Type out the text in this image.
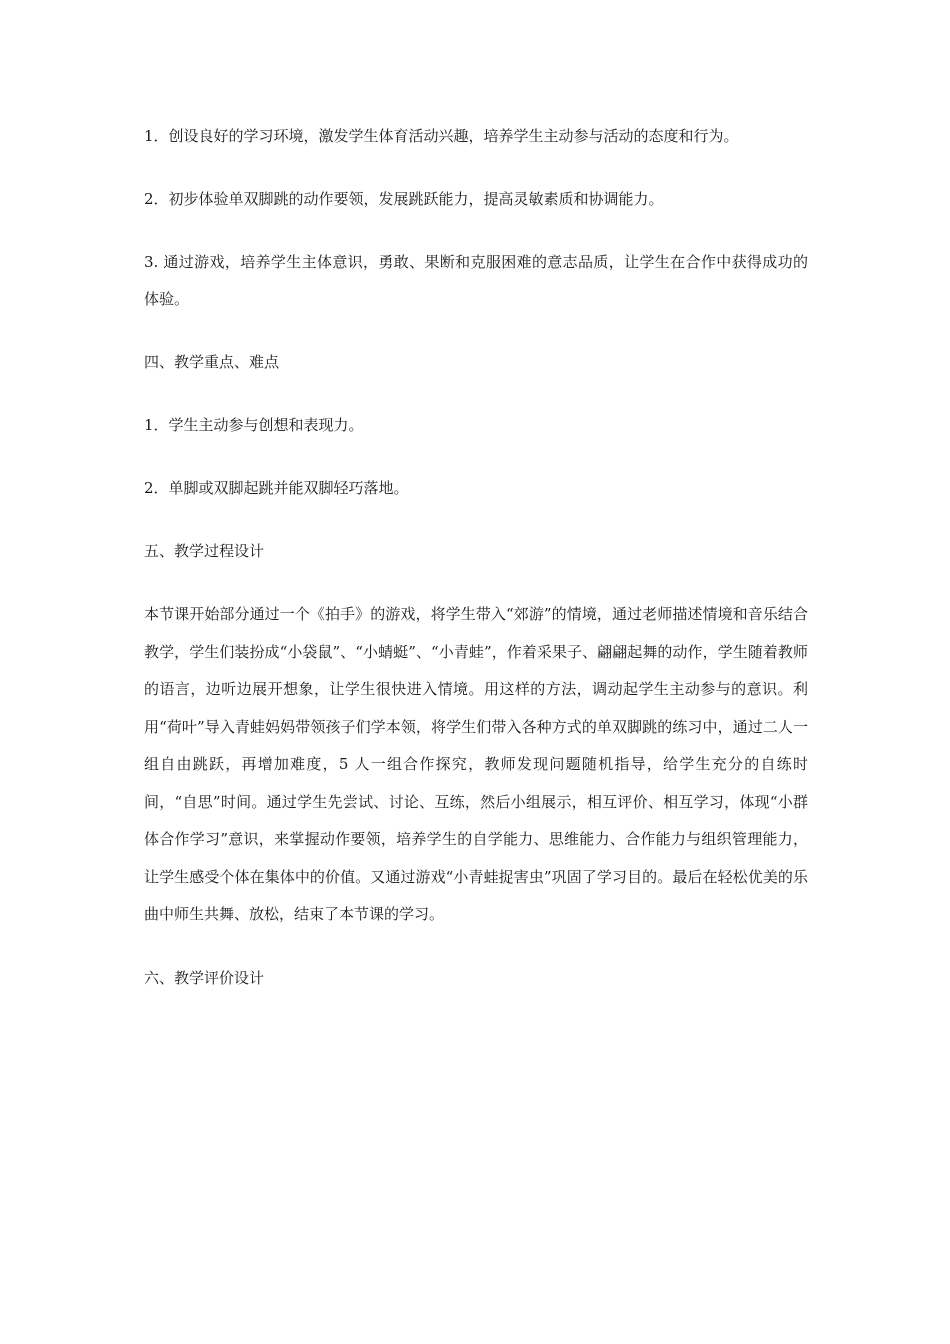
1．创设良好的学习环境，激发学生体育活动兴趣，培养学生主动参与活动的态度和行为。

2．初步体验单双脚跳的动作要领，发展跳跃能力，提高灵敏素质和协调能力。

3. 通过游戏，培养学生主体意识，勇敢、果断和克服困难的意志品质，让学生在合作中获得成功的体验。

四、教学重点、难点

1．学生主动参与创想和表现力。

2．单脚或双脚起跳并能双脚轻巧落地。

五、教学过程设计

本节课开始部分通过一个《拍手》的游戏，将学生带入“郊游”的情境，通过老师描述情境和音乐结合教学，学生们装扮成“小袋鼠”、“小蜻蜓”、“小青蛙”，作着采果子、翩翩起舞的动作，学生随着教师的语言，边听边展开想象，让学生很快进入情境。用这样的方法，调动起学生主动参与的意识。利用“荷叶”导入青蛙妈妈带领孩子们学本领，将学生们带入各种方式的单双脚跳的练习中，通过二人一组自由跳跃，再增加难度，5 人一组合作探究，教师发现问题随机指导，给学生充分的自练时间，“自思”时间。通过学生先尝试、讨论、互练，然后小组展示，相互评价、相互学习，体现“小群体合作学习”意识，来掌握动作要领，培养学生的自学能力、思维能力、合作能力与组织管理能力，让学生感受个体在集体中的价值。又通过游戏“小青蛙捉害虫”巩固了学习目的。最后在轻松优美的乐曲中师生共舞、放松，结束了本节课的学习。

六、教学评价设计
